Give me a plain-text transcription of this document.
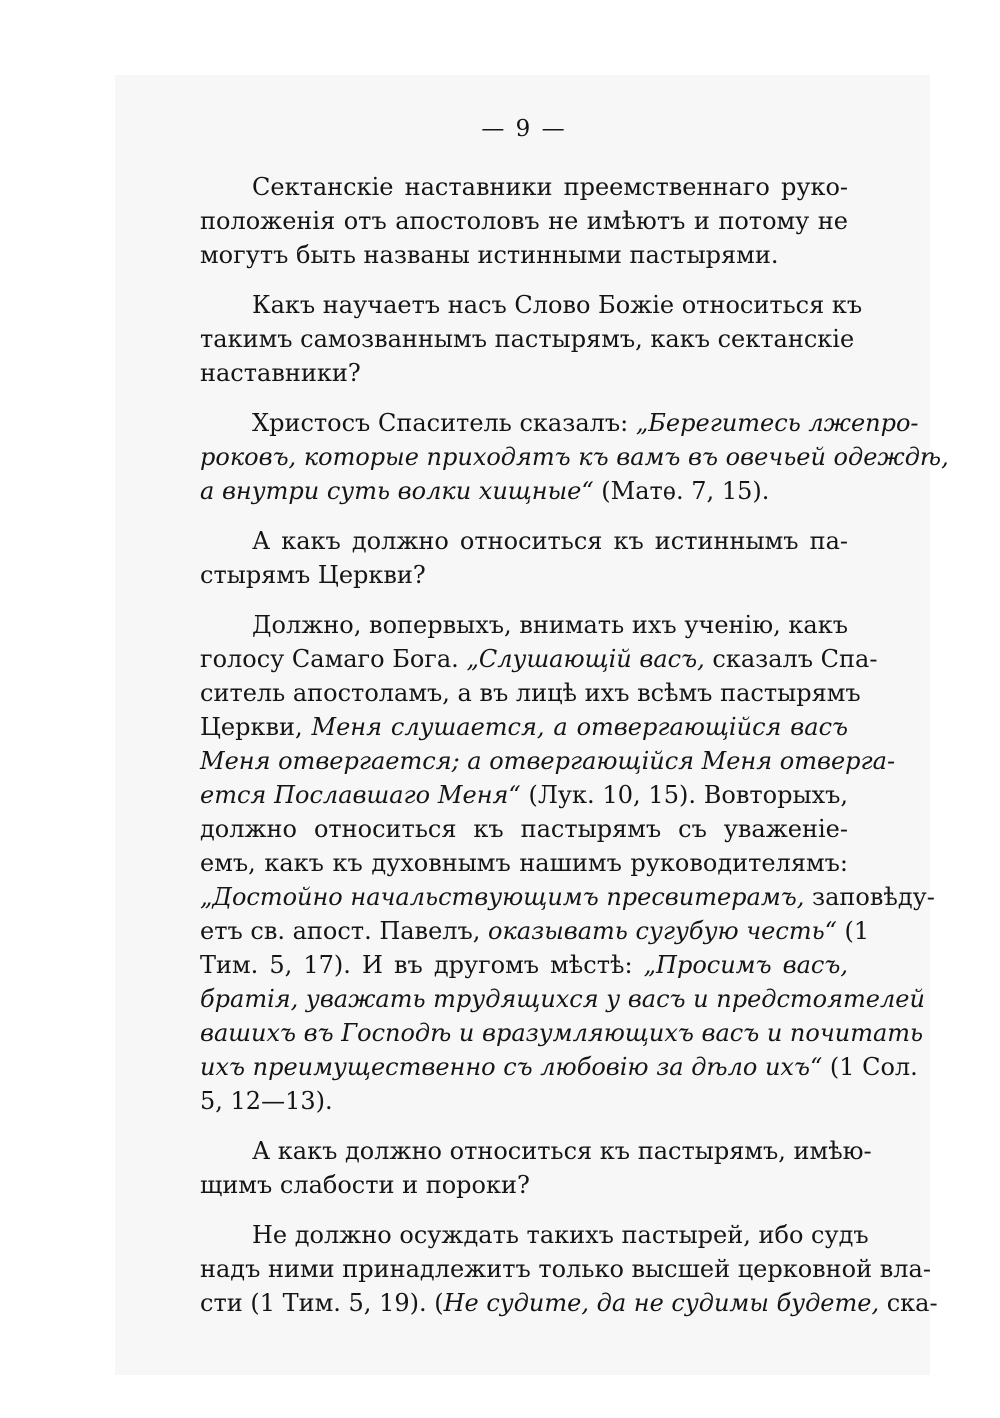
— 9 —
Сектанскіе наставники преемственнаго руко-
положенія отъ апостоловъ не имѣютъ и потому не
могутъ быть названы истинными пастырями.
Какъ научаетъ насъ Слово Божіе относиться къ
такимъ самозваннымъ пастырямъ, какъ сектанскіе
наставники?
Христосъ Спаситель сказалъ: „Берегитесь лжепро-
роковъ, которые приходятъ къ вамъ въ овечьей одеждѣ,
а внутри суть волки хищные“ (Матѳ. 7, 15).
А какъ должно относиться къ истиннымъ па-
стырямъ Церкви?
Должно, вопервыхъ, внимать ихъ ученію, какъ
голосу Самаго Бога. „Слушающій васъ, сказалъ Спа-
ситель апостоламъ, а въ лицѣ ихъ всѣмъ пастырямъ
Церкви, Меня слушается, а отвергающійся васъ
Меня отвергается; а отвергающійся Меня отверга-
ется Пославшаго Меня“ (Лук. 10, 15). Вовторыхъ,
должно относиться къ пастырямъ съ уваженіе-
емъ, какъ къ духовнымъ нашимъ руководителямъ:
„Достойно начальствующимъ пресвитерамъ, заповѣду-
етъ св. апост. Павелъ, оказывать сугубую честь“ (1
Тим. 5, 17). И въ другомъ мѣстѣ: „Просимъ васъ,
братія, уважать трудящихся у васъ и предстоятелей
вашихъ въ Господѣ и вразумляющихъ васъ и почитать
ихъ преимущественно съ любовію за дѣло ихъ“ (1 Сол.
5, 12—13).
А какъ должно относиться къ пастырямъ, имѣю-
щимъ слабости и пороки?
Не должно осуждать такихъ пастырей, ибо судъ
надъ ними принадлежитъ только высшей церковной вла-
сти (1 Тим. 5, 19). (Не судите, да не судимы будете, ска-
